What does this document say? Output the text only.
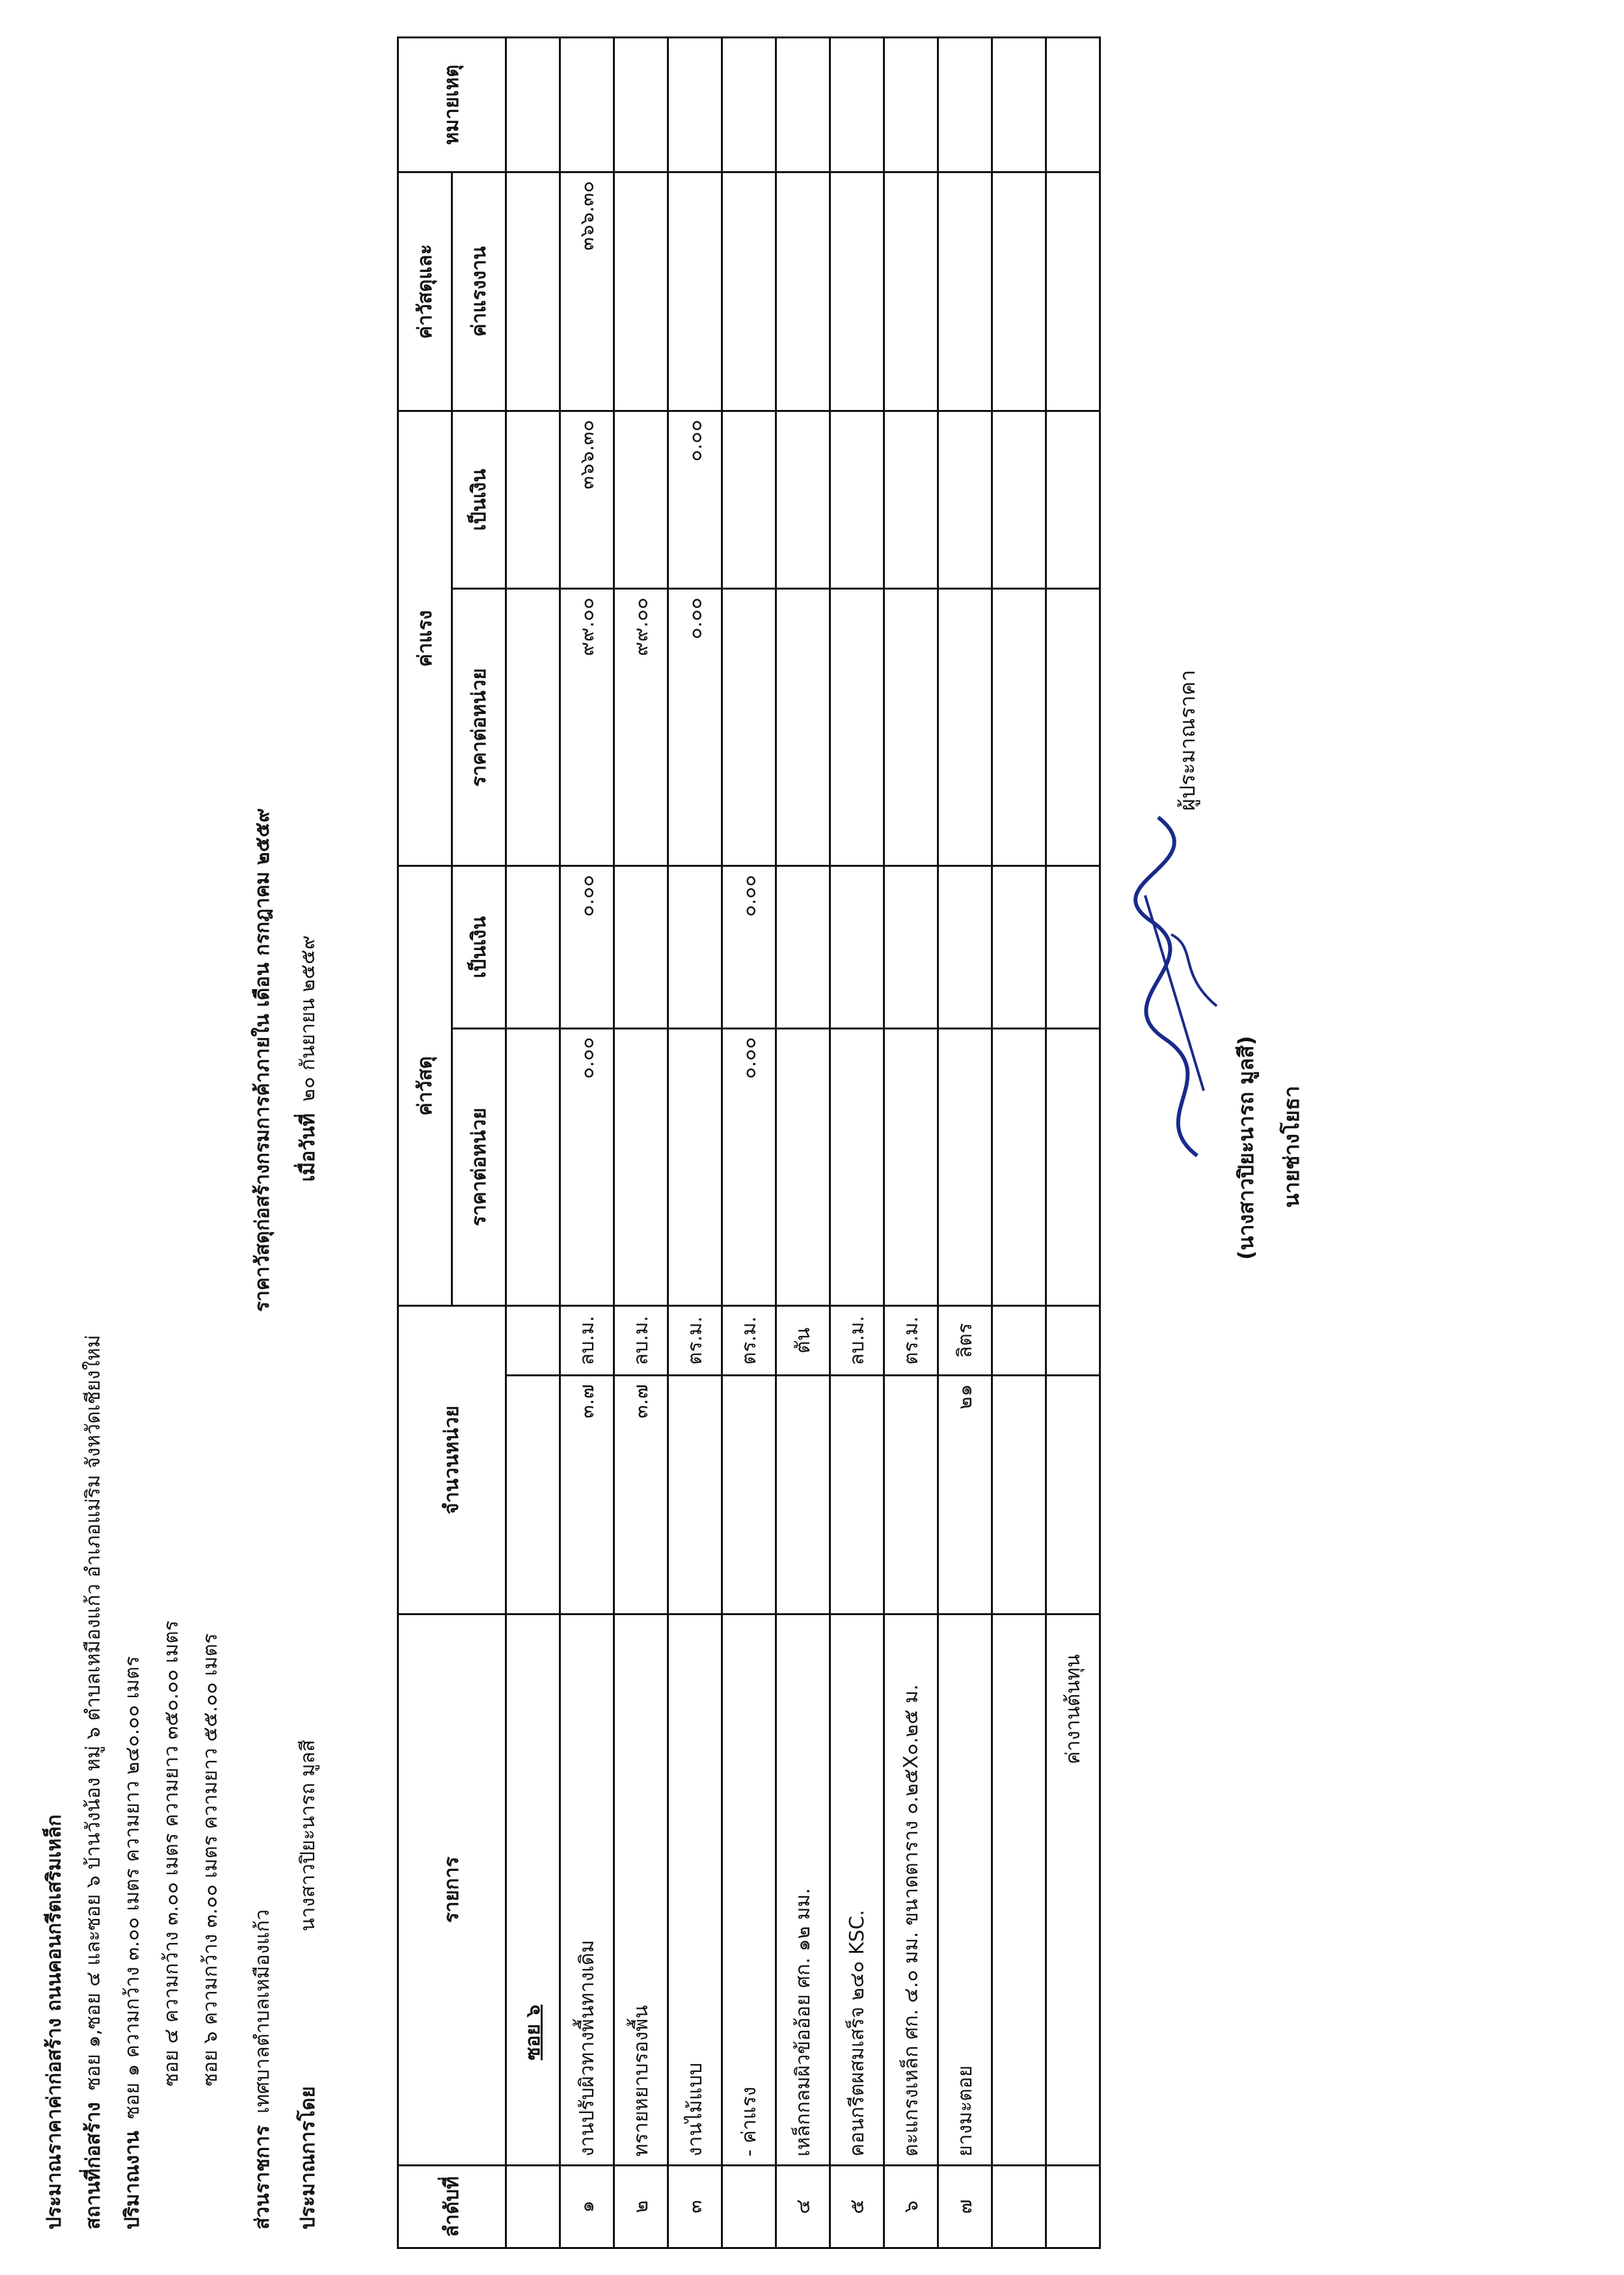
ประมาณราคาค่าก่อสร้าง ถนนคอนกรีตเสริมเหล็ก สถานที่ก่อสร้างซอย ๑,ซอย ๔ และซอย ๖ บ้านวังน้อง หมู่ ๖ ตำบลเหมืองแก้ว อำเภอแม่ริม จังหวัดเชียงใหม่
ปริมาณงานซอย ๑ ความกว้าง ๓.๐๐ เมตร ความยาว ๒๔๐.๐๐ เมตร ซอย ๔ ความกว้าง ๓.๐๐ เมตร ความยาว ๓๕๐.๐๐ เมตร ซอย ๖ ความกว้าง ๓.๐๐ เมตร ความยาว ๕๕.๐๐ เมตร
ส่วนราชการเทศบาลตำบลเหมืองแก้ว
ราคาวัสดุก่อสร้างกรมการค้าภายใน เดือน กรกฎาคม ๒๕๕๙
ประมาณการโดยนางสาวปิยะนารถ มูลสี
เมื่อวันที่๒๐ กันยายน ๒๕๕๙
ลำดับที่	รายการ	จำนวนหน่วย		ค่าวัสดุ		ค่าแรง		ค่าวัสดุและ	หมายเหตุ
				ราคาต่อหน่วย	เป็นเงิน	ราคาต่อหน่วย	เป็นเงิน	ค่าแรงงาน	
	ซอย ๖								
๑	งานปรับผิวทางพื้นทางเดิม	๓.๗	ลบ.ม.	๐.๐๐	๐.๐๐	๙๙.๐๐	๓๖๖.๓๐	๓๖๖.๓๐	
๒	ทรายหยาบรองพื้น	๓.๗	ลบ.ม.			๙๙.๐๐			
๓	งานไม้แบบ		ตร.ม.			๐.๐๐	๐.๐๐		
	- ค่าแรง		ตร.ม.	๐.๐๐	๐.๐๐				
๔	เหล็กกลมผิวข้ออ้อย ศก. ๑๒ มม.		ตัน						
๕	คอนกรีตผสมเสร็จ ๒๔๐ KSC.		ลบ.ม.						
๖	ตะแกรงเหล็ก ศก. ๔.๐ มม. ขนาดตาราง ๐.๒๕X๐.๒๕ ม.		ตร.ม.						
๗	ยางมะตอย	๒๑	ลิตร						

	ค่างานต้นทุน								
(นางสาวปิยะนารถ มูลสี) นายช่างโยธา
ผู้ประมาณราคา
